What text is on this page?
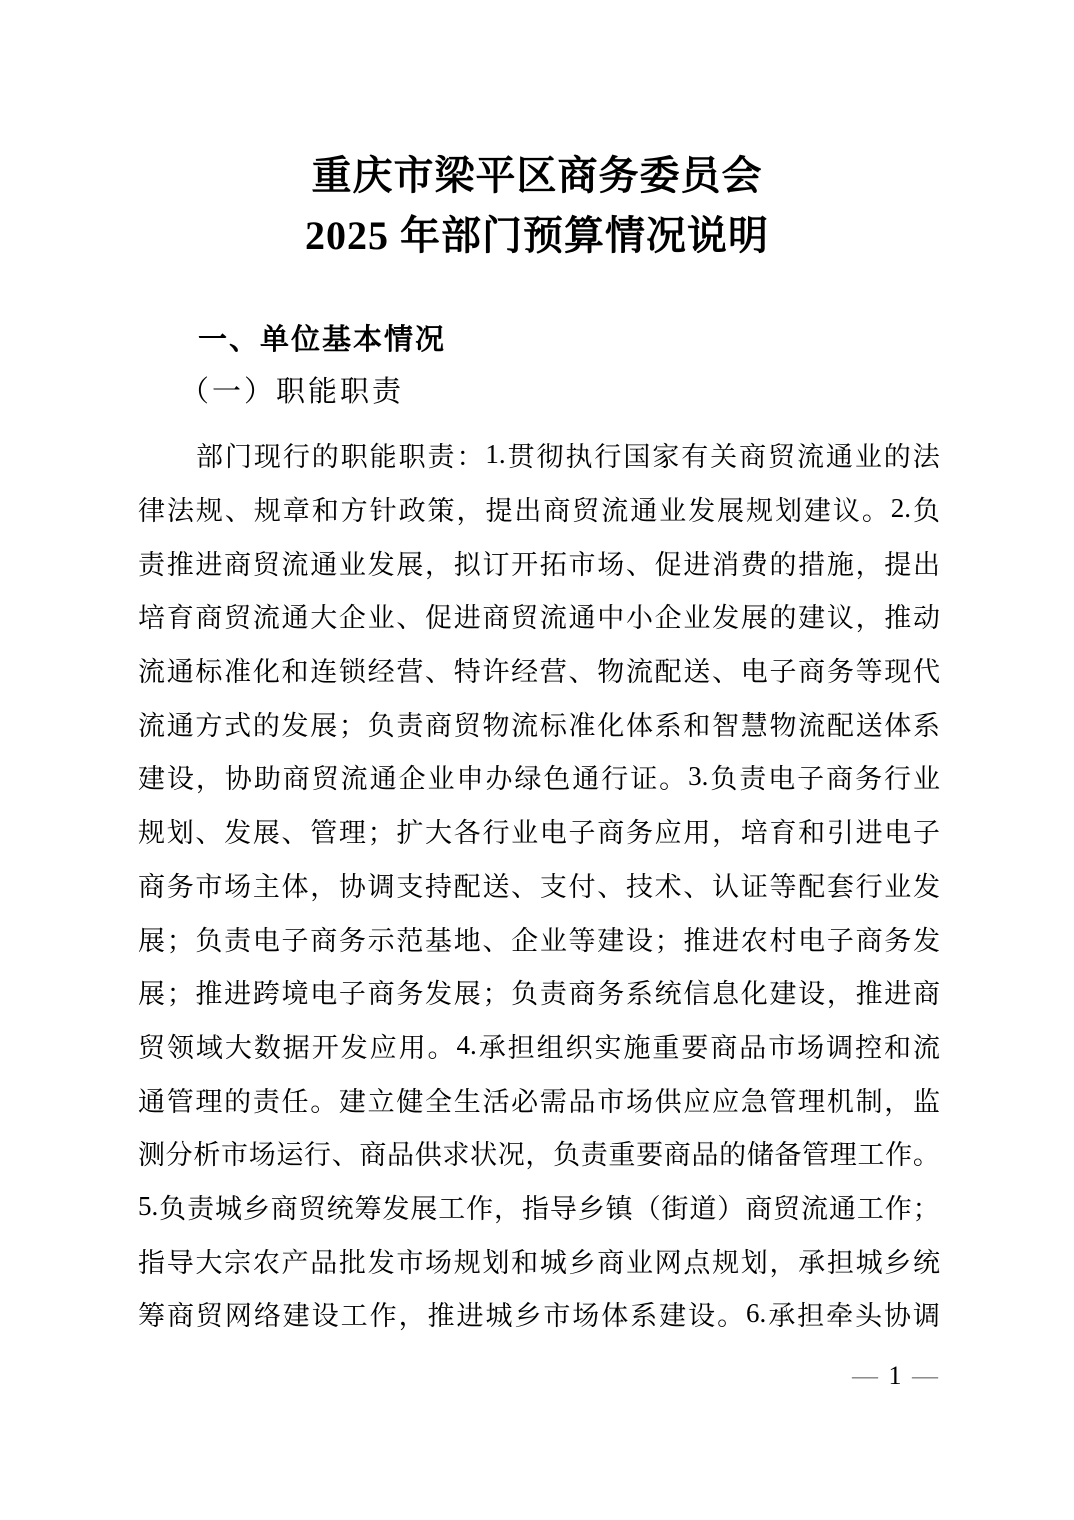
重庆市梁平区商务委员会
2025 年部门预算情况说明
一、单位基本情况
（一）职能职责
部 门 现 行 的 职 能 职 责 ： 1. 贯 彻 执 行 国 家 有 关 商 贸 流 通 业 的 法
律 法 规 、 规 章 和 方 针 政 策 ， 提 出 商 贸 流 通 业 发 展 规 划 建 议 。 2. 负
责 推 进 商 贸 流 通 业 发 展 ， 拟 订 开 拓 市 场 、 促 进 消 费 的 措 施 ， 提 出
培 育 商 贸 流 通 大 企 业 、 促 进 商 贸 流 通 中 小 企 业 发 展 的 建 议 ， 推 动
流 通 标 准 化 和 连 锁 经 营 、 特 许 经 营 、 物 流 配 送 、 电 子 商 务 等 现 代
流 通 方 式 的 发 展 ； 负 责 商 贸 物 流 标 准 化 体 系 和 智 慧 物 流 配 送 体 系
建 设 ， 协 助 商 贸 流 通 企 业 申 办 绿 色 通 行 证 。 3. 负 责 电 子 商 务 行 业
规 划 、 发 展 、 管 理 ； 扩 大 各 行 业 电 子 商 务 应 用 ， 培 育 和 引 进 电 子
商 务 市 场 主 体 ， 协 调 支 持 配 送 、 支 付 、 技 术 、 认 证 等 配 套 行 业 发
展 ； 负 责 电 子 商 务 示 范 基 地 、 企 业 等 建 设 ； 推 进 农 村 电 子 商 务 发
展 ； 推 进 跨 境 电 子 商 务 发 展 ； 负 责 商 务 系 统 信 息 化 建 设 ， 推 进 商
贸 领 域 大 数 据 开 发 应 用 。 4. 承 担 组 织 实 施 重 要 商 品 市 场 调 控 和 流
通 管 理 的 责 任 。 建 立 健 全 生 活 必 需 品 市 场 供 应 应 急 管 理 机 制 ， 监
测 分 析 市 场 运 行 、 商 品 供 求 状 况 ， 负 责 重 要 商 品 的 储 备 管 理 工 作 。
5. 负 责 城 乡 商 贸 统 筹 发 展 工 作 ， 指 导 乡 镇 （ 街 道 ） 商 贸 流 通 工 作 ；
指 导 大 宗 农 产 品 批 发 市 场 规 划 和 城 乡 商 业 网 点 规 划 ， 承 担 城 乡 统
筹 商 贸 网 络 建 设 工 作 ， 推 进 城 乡 市 场 体 系 建 设 。 6. 承 担 牵 头 协 调
— 1 —
